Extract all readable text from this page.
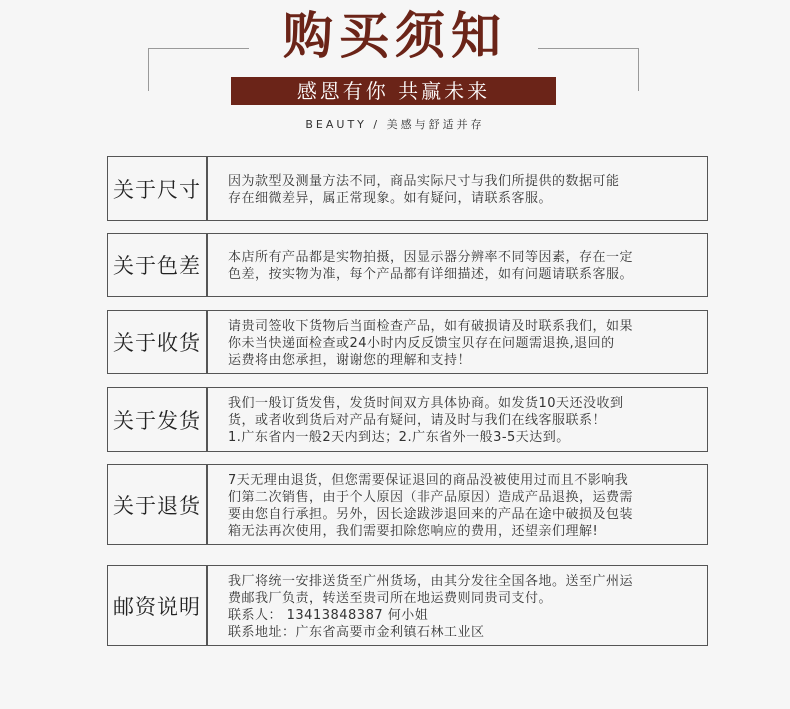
购买须知
感恩有你 共赢未来
BEAUTY / 美感与舒适并存
关于尺寸	因为款型及测量方法不同，商品实际尺寸与我们所提供的数据可能
存在细微差异，属正常现象。如有疑问，请联系客服。
关于色差	本店所有产品都是实物拍摄，因显示器分辨率不同等因素，存在一定
色差，按实物为准，每个产品都有详细描述，如有问题请联系客服。
关于收货
请贵司签收下货物后当面检查产品，如有破损请及时联系我们，如果
你未当快递面检查或24小时内反反馈宝贝存在问题需退换,退回的
运费将由您承担，谢谢您的理解和支持！
关于发货
我们一般订货发售，发货时间双方具体协商。如发货10天还没收到
货，或者收到货后对产品有疑问，请及时与我们在线客服联系！
1.广东省内一般2天内到达；2.广东省外一般3-5天达到。
关于退货
7天无理由退货，但您需要保证退回的商品没被使用过而且不影响我
们第二次销售，由于个人原因（非产品原因）造成产品退换，运费需
要由您自行承担。另外，因长途跋涉退回来的产品在途中破损及包装
箱无法再次使用，我们需要扣除您响应的费用，还望亲们理解!
邮资说明
我厂将统一安排送货至广州货场，由其分发往全国各地。送至广州运
费邮我厂负责，转送至贵司所在地运费则同贵司支付。
联系人： 13413848387 何小姐
联系地址：广东省高要市金利镇石林工业区
